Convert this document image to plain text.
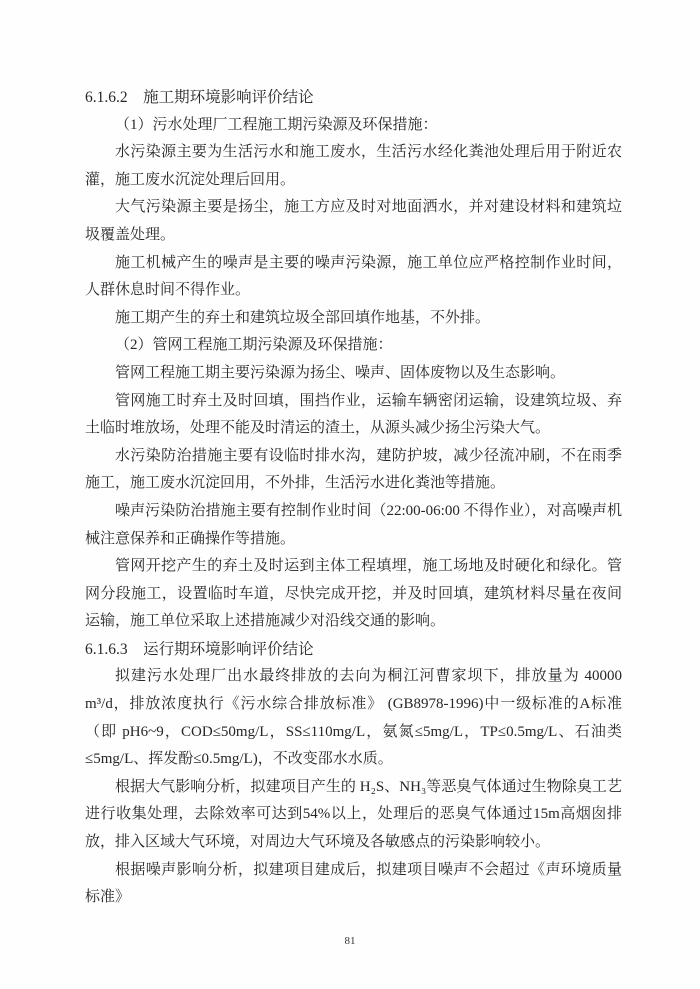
6.1.6.2　施工期环境影响评价结论

（1）污水处理厂工程施工期污染源及环保措施：

水污染源主要为生活污水和施工废水，生活污水经化粪池处理后用于附近农灌，施工废水沉淀处理后回用。

大气污染源主要是扬尘，施工方应及时对地面洒水，并对建设材料和建筑垃圾覆盖处理。

施工机械产生的噪声是主要的噪声污染源，施工单位应严格控制作业时间，人群休息时间不得作业。

施工期产生的弃土和建筑垃圾全部回填作地基，不外排。

（2）管网工程施工期污染源及环保措施：

管网工程施工期主要污染源为扬尘、噪声、固体废物以及生态影响。

管网施工时弃土及时回填，围挡作业，运输车辆密闭运输，设建筑垃圾、弃土临时堆放场，处理不能及时清运的渣土，从源头减少扬尘污染大气。

水污染防治措施主要有设临时排水沟，建防护坡，减少径流冲刷，不在雨季施工，施工废水沉淀回用，不外排，生活污水进化粪池等措施。

噪声污染防治措施主要有控制作业时间（22:00-06:00 不得作业），对高噪声机械注意保养和正确操作等措施。

管网开挖产生的弃土及时运到主体工程填埋，施工场地及时硬化和绿化。管网分段施工，设置临时车道，尽快完成开挖，并及时回填，建筑材料尽量在夜间运输，施工单位采取上述措施减少对沿线交通的影响。

6.1.6.3　运行期环境影响评价结论

拟建污水处理厂出水最终排放的去向为桐江河曹家坝下，排放量为 40000 m³/d，排放浓度执行《污水综合排放标准》 (GB8978-1996)中一级标准的A标准（即 pH6~9，COD≤50mg/L，SS≤110mg/L，氨氮≤5mg/L，TP≤0.5mg/L、石油类≤5mg/L、挥发酚≤0.5mg/L)，不改变邵水水质。

根据大气影响分析，拟建项目产生的 H₂S、NH₃等恶臭气体通过生物除臭工艺进行收集处理，去除效率可达到54%以上，处理后的恶臭气体通过15m高烟囱排放，排入区域大气环境，对周边大气环境及各敏感点的污染影响较小。

根据噪声影响分析，拟建项目建成后，拟建项目噪声不会超过《声环境质量标准》

81
